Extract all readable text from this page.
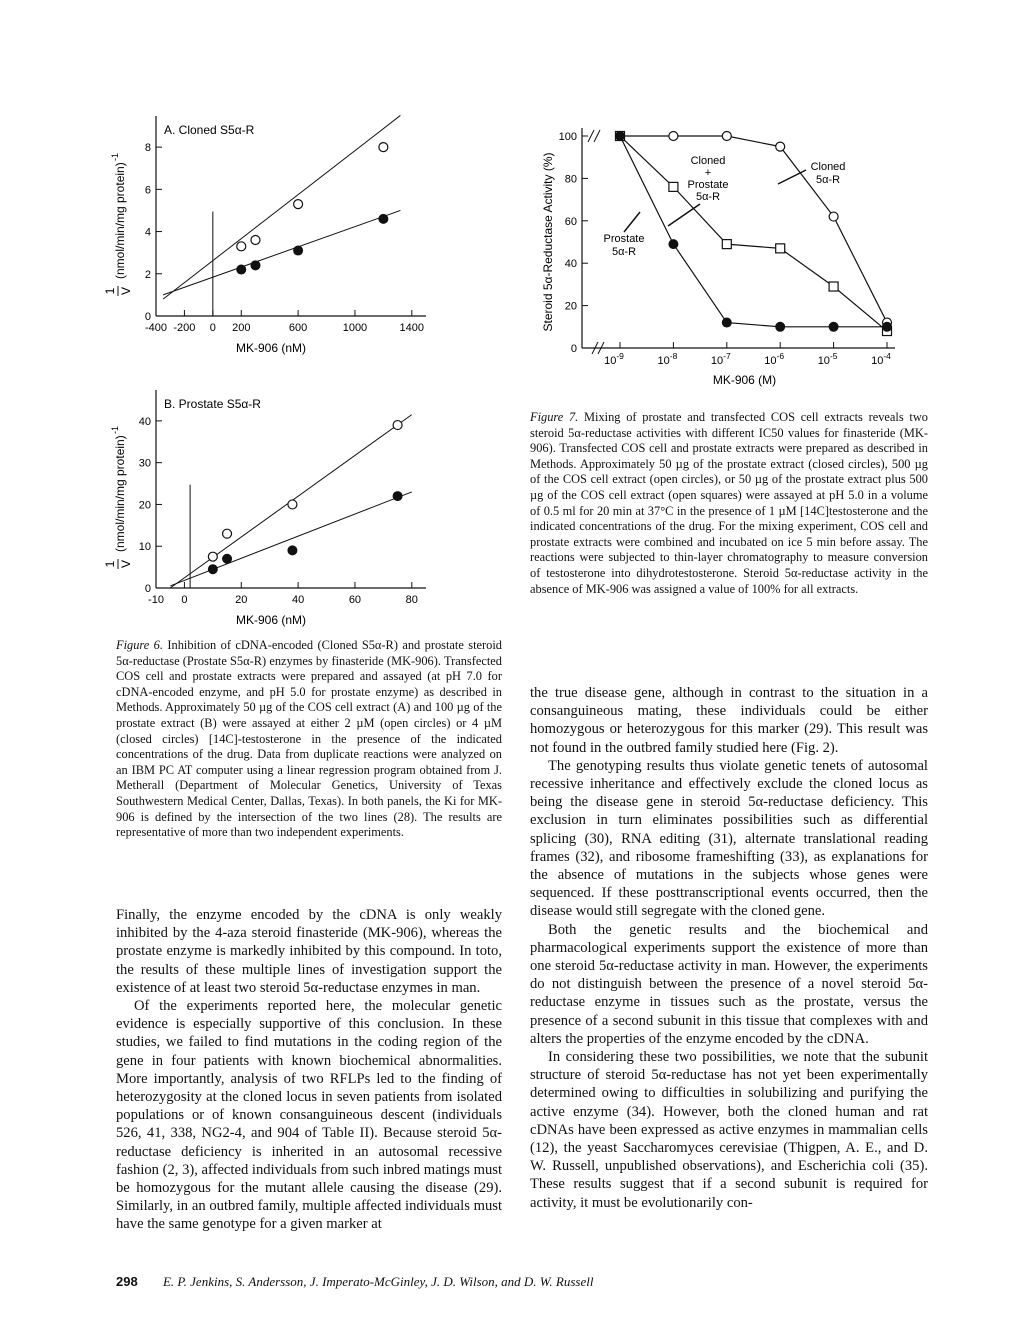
0
2
4
6
8
-400 -200 0 200	600	1000	1400
A. Cloned S5α-R
MK-906 (nM)
1 V
(nmol/min/mg protein)
-1
0
10
20
30
40
-10 0	20	40	60	80
B. Prostate S5α-R
MK-906 (nM)
1 V
(nmol/min/mg protein)
-1
0
20
40
60
80
100
$10^{-9}$	$10^{-8}$	$10^{-7}$	$10^{-6}$	$10^{-5}$	$10^{-4}$
MK-906 (M)
Steroid 5α-Reductase Activity (%)	Cloned + Prostate 5α-R
Cloned 5α-R
Prostate 5α-R
Figure 6. Inhibition of cDNA-encoded (Cloned S5α-R) and prostate steroid 5α-reductase (Prostate S5α-R) enzymes by finasteride (MK-906). Transfected COS cell and prostate extracts were prepared and assayed (at pH 7.0 for cDNA-encoded enzyme, and pH 5.0 for prostate enzyme) as described in Methods. Approximately 50 µg of the COS cell extract (A) and 100 µg of the prostate extract (B) were assayed at either 2 µM (open circles) or 4 µM (closed circles) [14C]-testosterone in the presence of the indicated concentrations of the drug. Data from duplicate reactions were analyzed on an IBM PC AT computer using a linear regression program obtained from J. Metherall (Department of Molecular Genetics, University of Texas Southwestern Medical Center, Dallas, Texas). In both panels, the Ki for MK-906 is defined by the intersection of the two lines (28). The results are representative of more than two independent experiments.
Figure 7. Mixing of prostate and transfected COS cell extracts reveals two steroid 5α-reductase activities with different IC50 values for finasteride (MK-906). Transfected COS cell and prostate extracts were prepared as described in Methods. Approximately 50 µg of the prostate extract (closed circles), 500 µg of the COS cell extract (open circles), or 50 µg of the prostate extract plus 500 µg of the COS cell extract (open squares) were assayed at pH 5.0 in a volume of 0.5 ml for 20 min at 37°C in the presence of 1 µM [14C]testosterone and the indicated concentrations of the drug. For the mixing experiment, COS cell and prostate extracts were combined and incubated on ice 5 min before assay. The reactions were subjected to thin-layer chromatography to measure conversion of testosterone into dihydrotestosterone. Steroid 5α-reductase activity in the absence of MK-906 was assigned a value of 100% for all extracts.

Finally, the enzyme encoded by the cDNA is only weakly inhibited by the 4-aza steroid finasteride (MK-906), whereas the prostate enzyme is markedly inhibited by this compound. In toto, the results of these multiple lines of investigation support the existence of at least two steroid 5α-reductase enzymes in man.

Of the experiments reported here, the molecular genetic evidence is especially supportive of this conclusion. In these studies, we failed to find mutations in the coding region of the gene in four patients with known biochemical abnormalities. More importantly, analysis of two RFLPs led to the finding of heterozygosity at the cloned locus in seven patients from isolated populations or of known consanguineous descent (individuals 526, 41, 338, NG2-4, and 904 of Table II). Because steroid 5α-reductase deficiency is inherited in an autosomal recessive fashion (2, 3), affected individuals from such inbred matings must be homozygous for the mutant allele causing the disease (29). Similarly, in an outbred family, multiple affected individuals must have the same genotype for a given marker at

the true disease gene, although in contrast to the situation in a consanguineous mating, these individuals could be either homozygous or heterozygous for this marker (29). This result was not found in the outbred family studied here (Fig. 2).

The genotyping results thus violate genetic tenets of autosomal recessive inheritance and effectively exclude the cloned locus as being the disease gene in steroid 5α-reductase deficiency. This exclusion in turn eliminates possibilities such as differential splicing (30), RNA editing (31), alternate translational reading frames (32), and ribosome frameshifting (33), as explanations for the absence of mutations in the subjects whose genes were sequenced. If these posttranscriptional events occurred, then the disease would still segregate with the cloned gene.

Both the genetic results and the biochemical and pharmacological experiments support the existence of more than one steroid 5α-reductase activity in man. However, the experiments do not distinguish between the presence of a novel steroid 5α-reductase enzyme in tissues such as the prostate, versus the presence of a second subunit in this tissue that complexes with and alters the properties of the enzyme encoded by the cDNA.

In considering these two possibilities, we note that the subunit structure of steroid 5α-reductase has not yet been experimentally determined owing to difficulties in solubilizing and purifying the active enzyme (34). However, both the cloned human and rat cDNAs have been expressed as active enzymes in mammalian cells (12), the yeast Saccharomyces cerevisiae (Thigpen, A. E., and D. W. Russell, unpublished observations), and Escherichia coli (35). These results suggest that if a second subunit is required for activity, it must be evolutionarily con-

298 E. P. Jenkins, S. Andersson, J. Imperato-McGinley, J. D. Wilson, and D. W. Russell
